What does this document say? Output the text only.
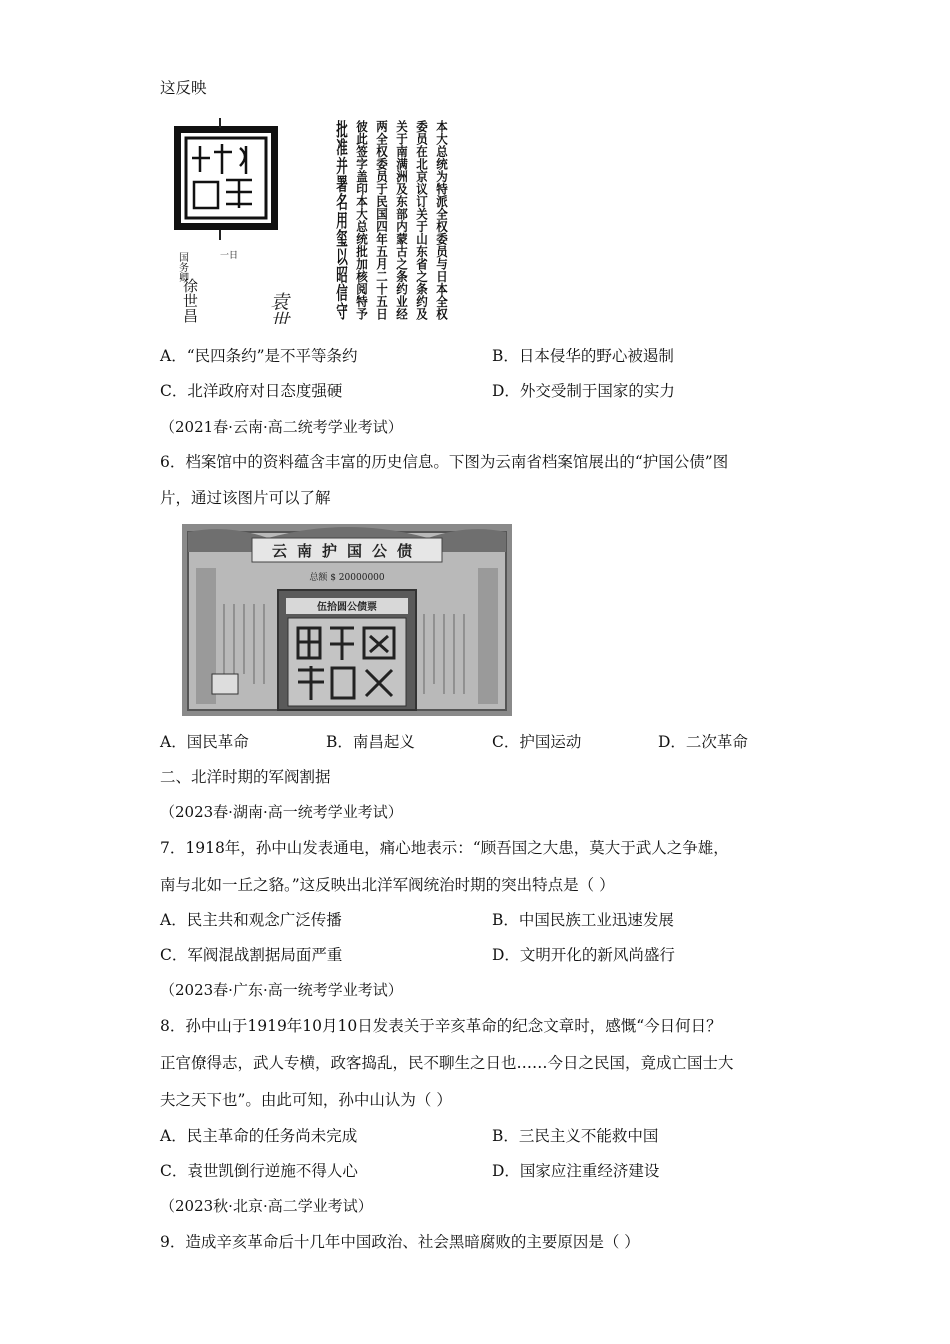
这反映
一日
袁世凯
国务卿
徐世昌	本大总统为特派全权委员与日本全权
委员在北京议订关于山东省之条约及
关于南满洲及东部内蒙古之条约业经
两全权委员于民国四年五月二十五日
彼此签字盖印本大总统批加核阅特予
批准并署名用玺以昭信守
A．“民四条约”是不平等条约	B．日本侵华的野心被遏制
C．北洋政府对日态度强硬	D．外交受制于国家的实力
（2021春·云南·高二统考学业考试）
6．档案馆中的资料蕴含丰富的历史信息。下图为云南省档案馆展出的“护国公债”图
片，通过该图片可以了解
云南护国公债
总额 $ 20000000
伍拾圆公债票
A．国民革命	B．南昌起义	C．护国运动	D．二次革命
二、北洋时期的军阀割据
（2023春·湖南·高一统考学业考试）
7．1918年，孙中山发表通电，痛心地表示：“顾吾国之大患，莫大于武人之争雄，
南与北如一丘之貉。”这反映出北洋军阀统治时期的突出特点是（ ）
A．民主共和观念广泛传播	B．中国民族工业迅速发展
C．军阀混战割据局面严重	D．文明开化的新风尚盛行
（2023春·广东·高一统考学业考试）
8．孙中山于1919年10月10日发表关于辛亥革命的纪念文章时，感慨“今日何日？
正官僚得志，武人专横，政客捣乱，民不聊生之日也……今日之民国，竟成亡国士大
夫之天下也”。由此可知，孙中山认为（ ）
A．民主革命的任务尚未完成	B．三民主义不能救中国
C．袁世凯倒行逆施不得人心	D．国家应注重经济建设
（2023秋·北京·高二学业考试）
9．造成辛亥革命后十几年中国政治、社会黑暗腐败的主要原因是（ ）
